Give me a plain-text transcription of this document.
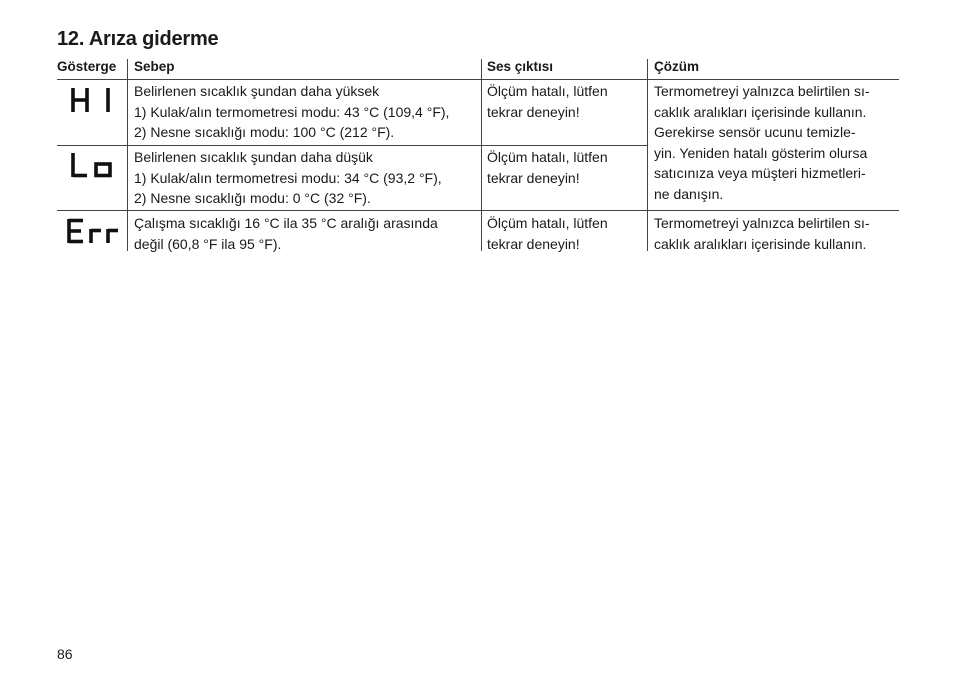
12. Arıza giderme
Gösterge Sebep	Ses çıktısı	Çözüm
Belirlenen sıcaklık şundan daha yüksek
1) Kulak/alın termometresi modu: 43 °C (109,4 °F),
2) Nesne sıcaklığı modu: 100 °C (212 °F).
Ölçüm hatalı, lütfen
tekrar deneyin!
Termometreyi yalnızca belirtilen sı-
caklık aralıkları içerisinde kullanın.
Gerekirse sensör ucunu temizle-
yin. Yeniden hatalı gösterim olursa
satıcınıza veya müşteri hizmetleri-
ne danışın.
Belirlenen sıcaklık şundan daha düşük
1) Kulak/alın termometresi modu: 34 °C (93,2 °F),
2) Nesne sıcaklığı modu: 0 °C (32 °F).
Ölçüm hatalı, lütfen
tekrar deneyin!
Çalışma sıcaklığı 16 °C ila 35 °C aralığı arasında
değil (60,8 °F ila 95 °F).
Ölçüm hatalı, lütfen
tekrar deneyin!
Termometreyi yalnızca belirtilen sı-
caklık aralıkları içerisinde kullanın.
86
